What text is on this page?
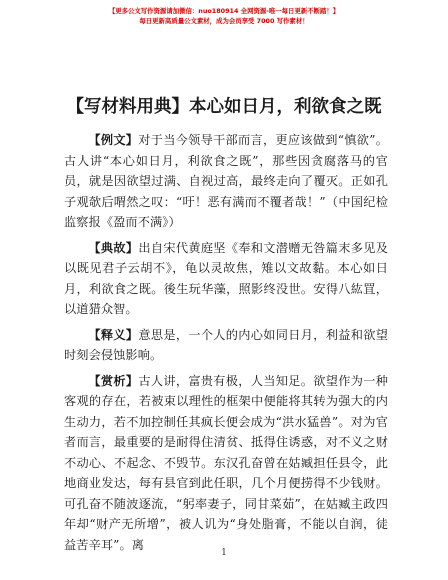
【更多公文写作资源请加微信：nuo180914 全网资源-唯一每日更新不断踏！】
每日更新高质量公文素材，成为会员享受 7000 写作素材！
【写材料用典】本心如日月，利欲食之既

【例文】对于当今领导干部而言，更应该做到“慎欲”。古人讲“本心如日月，利欲食之既”，那些因贪腐落马的官员，就是因欲望过满、自视过高，最终走向了覆灭。正如孔子观欹后喟然之叹：“吁！恶有满而不覆者哉！”（中国纪检监察报《盈而不满》）

【典故】出自宋代黄庭坚《奉和文潜赠无咎篇末多见及以既见君子云胡不》，龟以灵故焦，雉以文故黏。本心如日月，利欲食之既。後生玩华藻，照影终没世。安得八紘罝，以道猎众智。

【释义】意思是，一个人的内心如同日月，利益和欲望时刻会侵蚀影响。

【赏析】古人讲，富贵有极，人当知足。欲望作为一种客观的存在，若被束以理性的框架中便能将其转为强大的内生动力，若不加控制任其疯长便会成为“洪水猛兽”。对为官者而言，最重要的是耐得住清贫、抵得住诱惑，对不义之财不动心、不起念、不毁节。东汉孔奋曾在姑臧担任县令，此地商业发达，每有县官到此任职，几个月便捞得不少钱财。可孔奋不随波逐流，“躬率妻子，同甘菜茹”，在姑臧主政四年却“财产无所增”，被人讥为“身处脂膏，不能以自润，徒益苦辛耳”。离

1
